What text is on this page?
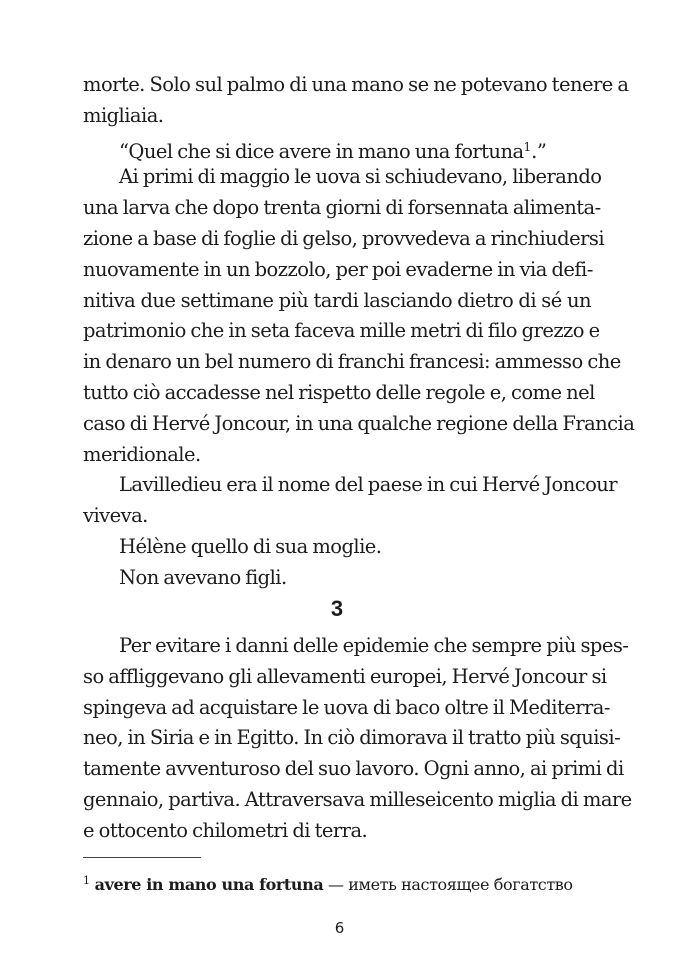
morte. Solo sul palmo di una mano se ne potevano tenere a
migliaia.
“Quel che si dice avere in mano una fortuna$^1$.”
Ai primi di maggio le uova si schiudevano, liberando
una larva che dopo trenta giorni di forsennata alimenta-
zione a base di foglie di gelso, provvedeva a rinchiudersi
nuovamente in un bozzolo, per poi evaderne in via defi-
nitiva due settimane più tardi lasciando dietro di sé un
patrimonio che in seta faceva mille metri di filo grezzo e
in denaro un bel numero di franchi francesi: ammesso che
tutto ciò accadesse nel rispetto delle regole e, come nel
caso di Hervé Joncour, in una qualche regione della Francia
meridionale.
Lavilledieu era il nome del paese in cui Hervé Joncour
viveva.
Hélène quello di sua moglie.
Non avevano figli.
3
Per evitare i danni delle epidemie che sempre più spes-
so affliggevano gli allevamenti europei, Hervé Joncour si
spingeva ad acquistare le uova di baco oltre il Mediterra-
neo, in Siria e in Egitto. In ciò dimorava il tratto più squisi-
tamente avventuroso del suo lavoro. Ogni anno, ai primi di
gennaio, partiva. Attraversava milleseicento miglia di mare
e ottocento chilometri di terra.
$^1$ avere in mano una fortuna — иметь настоящее богатство
6
